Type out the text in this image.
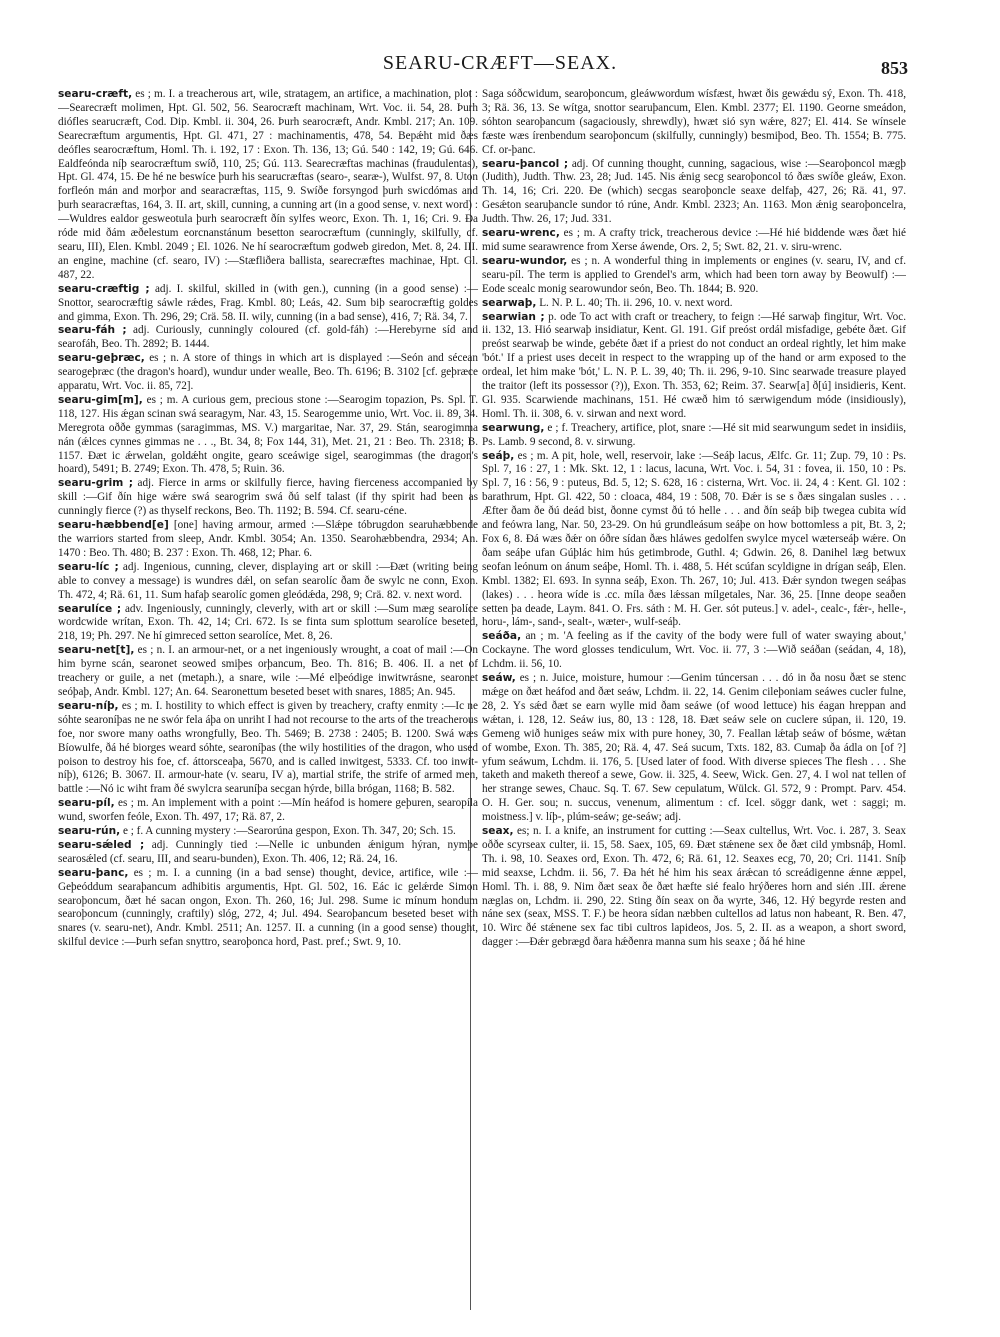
SEARU-CRÆFT—SEAX.	853

searu-cræft, es ; m. I. a treacherous art, wile, stratagem, an artifice, a machination, plot :—Searecræft molimen, Hpt. Gl. 502, 56. Searocræft machinam, Wrt. Voc. ii. 54, 28. Þurh diófles searucræft, Cod. Dip. Kmbl. ii. 304, 26. Þurh searocræft, Andr. Kmbl. 217; An. 109. Searecræftum argumentis, Hpt. Gl. 471, 27 : machinamentis, 478, 54. Bepǽht mid ðæs deófles searocræftum, Homl. Th. i. 192, 17 : Exon. Th. 136, 13; Gú. 540 : 142, 19; Gú. 646. Ealdfeónda níþ searocræftum swíð, 110, 25; Gú. 113. Searecræftas machinas (fraudulentas), Hpt. Gl. 474, 15. Ðe hé ne beswíce þurh his searucræftas (searo-, searæ-), Wulfst. 97, 8. Uton forfleón mán and morþor and searacræftas, 115, 9. Swíðe forsyngod þurh swicdómas and þurh searacræftas, 164, 3. II. art, skill, cunning, a cunning art (in a good sense, v. next word) :—Wuldres ealdor geswеotula þurh searocræft ðín sylfes weorc, Exon. Th. 1, 16; Cri. 9. Ða róde mid ðám æðelestum eorcnanstánum besetton searocræftum (cunningly, skilfully, cf. searu, III), Elen. Kmbl. 2049 ; El. 1026. Ne hí searocræftum godweb giredon, Met. 8, 24. III. an engine, machine (cf. searo, IV) :—Stæfliðera ballista, searecræftes machinae, Hpt. Gl. 487, 22.

searu-cræftig ; adj. I. skilful, skilled in (with gen.), cunning (in a good sense) :—Snottor, searocræftig sáwle rǽdes, Frag. Kmbl. 80; Leás, 42. Sum biþ searocræftig goldes and gimma, Exon. Th. 296, 29; Crä. 58. II. wily, cunning (in a bad sense), 416, 7; Rä. 34, 7.

searu-fáh ; adj. Curiously, cunningly coloured (cf. gold-fáh) :—Herebyrne síd and searofáh, Beo. Th. 2892; B. 1444.

searu-geþræc, es ; n. A store of things in which art is displayed :—Seón and sécean searogeþræc (the dragon's hoard), wundur under wealle, Beo. Th. 6196; B. 3102 [cf. geþræce apparatu, Wrt. Voc. ii. 85, 72].

searu-gim[m], es ; m. A curious gem, precious stone :—Searogim topazion, Ps. Spl. T. 118, 127. His ǽgan scinan swá searagym, Nar. 43, 15. Searogemme unio, Wrt. Voc. ii. 89, 34. Meregrota oððe gymmas (saragimmas, MS. V.) margaritae, Nar. 37, 29. Stán, searogimma nán (ǽlces cynnes gimmas ne . . ., Bt. 34, 8; Fox 144, 31), Met. 21, 21 : Beo. Th. 2318; B. 1157. Ðæt ic ǽrwelan, goldǽht ongite, gearo sceáwige sigel, searogimmas (the dragon's hoard), 5491; B. 2749; Exon. Th. 478, 5; Ruin. 36.

searu-grim ; adj. Fierce in arms or skilfully fierce, having fierceness accompanied by skill :—Gif ðín hige wǽre swá searogrim swá ðú self talast (if thy spirit had been as cunningly fierce (?) as thyself reckons, Beo. Th. 1192; B. 594. Cf. searu-céne.

searu-hæbbend[e] [one] having armour, armed :—Slǽpe tóbrugdon searuhæbbende the warriors started from sleep, Andr. Kmbl. 3054; An. 1350. Searohæbbendra, 2934; An. 1470 : Beo. Th. 480; B. 237 : Exon. Th. 468, 12; Phar. 6.

searu-líc ; adj. Ingenious, cunning, clever, displaying art or skill :—Ðæt (writing being able to convey a message) is wundres dǽl, on sefan searolíc ðam ðe swylc ne conn, Exon. Th. 472, 4; Rä. 61, 11. Sum hafaþ searolíc gomen gleódǽda, 298, 9; Crä. 82. v. next word.

searulíce ; adv. Ingeniously, cunningly, cleverly, with art or skill :—Sum mæg searolíce wordcwide wrítan, Exon. Th. 42, 14; Cri. 672. Is se finta sum splottum searolíce beseted, 218, 19; Ph. 297. Ne hí gimreced setton searolíce, Met. 8, 26.

searu-net[t], es ; n. I. an armour-net, or a net ingeniously wrought, a coat of mail :—On him byrne scán, searonet seowed smiþes orþancum, Beo. Th. 816; B. 406. II. a net of treachery or guile, a net (metaph.), a snare, wile :—Mé elþeódige inwitwrásne, searonet seóþaþ, Andr. Kmbl. 127; An. 64. Searonettum beseted beset with snares, 1885; An. 945.

searu-níþ, es ; m. I. hostility to which effect is given by treachery, crafty enmity :—Ic ne sóhte searoníþas ne ne swór fela áþa on unriht I had not recourse to the arts of the treacherous foe, nor swore many oaths wrongfully, Beo. Th. 5469; B. 2738 : 2405; B. 1200. Swá wæs Bíowulfe, ðá hé biorges weard sóhte, searoníþas (the wily hostilities of the dragon, who used poison to destroy his foe, cf. áttorsceaþa, 5670, and is called inwitgest, 5333. Cf. too inwit-níþ), 6126; B. 3067. II. armour-hate (v. searu, IV a), martial strife, the strife of armed men, battle :—Nó ic wiht fram ðé swylcra searuníþa secgan hýrde, billa brógan, 1168; B. 582.

searu-píl, es ; m. An implement with a point :—Mín heáfod is homere geþuren, searopíla wund, sworfen feóle, Exon. Th. 497, 17; Rä. 87, 2.

searu-rún, e ; f. A cunning mystery :—Searorúna gespon, Exon. Th. 347, 20; Sch. 15.

searu-sǽled ; adj. Cunningly tied :—Nelle ic unbunden ǽnigum hýran, nymþe searosǽled (cf. searu, III, and searu-bunden), Exon. Th. 406, 12; Rä. 24, 16.

searu-þanc, es ; m. I. a cunning (in a bad sense) thought, device, artifice, wile :—Geþeóddum searaþancum adhibitis argumentis, Hpt. Gl. 502, 16. Eác ic gelǽrde Simon searoþoncum, ðæt hé sacan ongon, Exon. Th. 260, 16; Jul. 298. Sume ic mínum hondum searoþoncum (cunningly, craftily) slóg, 272, 4; Jul. 494. Searoþancum beseted beset with snares (v. searu-net), Andr. Kmbl. 2511; An. 1257. II. a cunning (in a good sense) thought, skilful device :—Þurh sefan snyttro, searoþonca hord, Past. pref.; Swt. 9, 10.

Saga sóðcwidum, searoþoncum, gleáwwordum wísfæst, hwæt ðis gewǽdu sý, Exon. Th. 418, 3; Rä. 36, 13. Se wítga, snottor searuþancum, Elen. Kmbl. 2377; El. 1190. Georne smeádon, sóhton searoþancum (sagaciously, shrewdly), hwæt sió syn wǽre, 827; El. 414. Se wínsele fæste wæs írenbendum searoþoncum (skilfully, cunningly) besmiþod, Beo. Th. 1554; B. 775. Cf. or-þanc.

searu-þancol ; adj. Of cunning thought, cunning, sagacious, wise :—Searoþoncol mægþ (Judith), Judth. Thw. 23, 28; Jud. 145. Nis ǽnig secg searoþoncol tó ðæs swíðe gleáw, Exon. Th. 14, 16; Cri. 220. Ðe (which) secgas searoþoncle seaxe delfaþ, 427, 26; Rä. 41, 97. Gesǽton searuþancle sundor tó rúne, Andr. Kmbl. 2323; An. 1163. Mon ǽnig searoþoncelra, Judth. Thw. 26, 17; Jud. 331.

searu-wrenc, es ; m. A crafty trick, treacherous device :—Hé hié biddende wæs ðæt hié mid sume searawrence from Xerse áwende, Ors. 2, 5; Swt. 82, 21. v. siru-wrenc.

searu-wundor, es ; n. A wonderful thing in implements or engines (v. searu, IV, and cf. searu-píl. The term is applied to Grendel's arm, which had been torn away by Beowulf) :—Eode scealc monig searowundor seón, Beo. Th. 1844; B. 920.

searwaþ, L. N. P. L. 40; Th. ii. 296, 10. v. next word.

searwian ; p. ode To act with craft or treachery, to feign :—Hé sarwaþ fingitur, Wrt. Voc. ii. 132, 13. Hió searwaþ insidiatur, Kent. Gl. 191. Gif preóst ordál misfadige, gebéte ðæt. Gif preóst searwaþ be winde, gebéte ðæt if a priest do not conduct an ordeal rightly, let him make 'bót.' If a priest uses deceit in respect to the wrapping up of the hand or arm exposed to the ordeal, let him make 'bót,' L. N. P. L. 39, 40; Th. ii. 296, 9-10. Sinc searwade treasure played the traitor (left its possessor (?)), Exon. Th. 353, 62; Reim. 37. Searw[a] ð[ú] insidieris, Kent. Gl. 935. Scarwiende machinans, 151. Hé cwæð him tó særwigendum móde (insidiously), Homl. Th. ii. 308, 6. v. sirwan and next word.

searwung, e ; f. Treachery, artifice, plot, snare :—Hé sit mid searwungum sedet in insidiis, Ps. Lamb. 9 second, 8. v. sirwung.

seáþ, es ; m. A pit, hole, well, reservoir, lake :—Seáþ lacus, Ælfc. Gr. 11; Zup. 79, 10 : Ps. Spl. 7, 16 : 27, 1 : Mk. Skt. 12, 1 : lacus, lacuna, Wrt. Voc. i. 54, 31 : fovea, ii. 150, 10 : Ps. Spl. 7, 16 : 56, 9 : puteus, Bd. 5, 12; S. 628, 16 : cisterna, Wrt. Voc. ii. 24, 4 : Kent. Gl. 102 : barathrum, Hpt. Gl. 422, 50 : cloaca, 484, 19 : 508, 70. Ðǽr is se s ðæs singalan susles . . . Æfter ðam ðe ðú deád bist, ðonne cymst ðú tó helle . . . and ðín seáþ biþ twegea cubita wíd and feówra lang, Nar. 50, 23-29. On hú grundleásum seáþe on how bottomless a pit, Bt. 3, 2; Fox 6, 8. Ðá wæs ðǽr on óðre sídan ðæs hláwes gedolfen swylce mycel wæterseáþ wǽre. On ðam seáþe ufan Gúþlác him hús getimbrode, Guthl. 4; Gdwin. 26, 8. Danihel læg betwux seofan leónum on ánum seáþe, Homl. Th. i. 488, 5. Hét scúfan scyldigne in drígan seáþ, Elen. Kmbl. 1382; El. 693. In synna seáþ, Exon. Th. 267, 10; Jul. 413. Ðǽr syndon twegen seáþas (lakes) . . . heora wíde is .cc. míla ðæs lǽssan mílgetales, Nar. 36, 25. [Inne deope seaðen setten þa deade, Laym. 841. O. Frs. sáth : M. H. Ger. sót puteus.] v. adel-, cealc-, fǽr-, helle-, horu-, lám-, sand-, sealt-, wæter-, wulf-seáþ.

seáða, an ; m. 'A feeling as if the cavity of the body were full of water swaying about,' Cockayne. The word glosses tendiculum, Wrt. Voc. ii. 77, 3 :—Wið seáðan (seádan, 4, 18), Lchdm. ii. 56, 10.

seáw, es ; n. Juice, moisture, humour :—Genim túncersan . . . dó in ða nosu ðæt se stenc mǽge on ðæt heáfod and ðæt seáw, Lchdm. ii. 22, 14. Genim cileþoniam seáwes cucler fulne, 28, 2. Ys sǽd ðæt se earn wylle mid ðam seáwe (of wood lettuce) his éagan hreppan and wǽtan, i. 128, 12. Seáw ius, 80, 13 : 128, 18. Ðæt seáw sele on cuclere súpan, ii. 120, 19. Gemeng wið huniges seáw mix with pure honey, 30, 7. Feallan lǽtaþ seáw of bósme, wǽtan of wombe, Exon. Th. 385, 20; Rä. 4, 47. Seá sucum, Txts. 182, 83. Cumaþ ða ádla on [of ?] yfum seáwum, Lchdm. ii. 176, 5. [Used later of food. With diverse spieces The flesh . . . She taketh and maketh thereof a sewe, Gow. ii. 325, 4. Seew, Wick. Gen. 27, 4. I wol nat tellen of her strange sewes, Chauc. Sq. T. 67. Sew cepulatum, Wülck. Gl. 572, 9 : Prompt. Parv. 454. O. H. Ger. sou; n. succus, venenum, alimentum : cf. Icel. söggr dank, wet : saggi; m. moistness.] v. líþ-, plúm-seáw; ge-seáw; adj.

seax, es; n. I. a knife, an instrument for cutting :—Seax cultellus, Wrt. Voc. i. 287, 3. Seax oððe scyrseax culter, ii. 15, 58. Saex, 105, 69. Ðæt stǽnene sex ðe ðæt cild ymbsnáþ, Homl. Th. i. 98, 10. Seaxes ord, Exon. Th. 472, 6; Rä. 61, 12. Seaxes ecg, 70, 20; Cri. 1141. Sníþ mid seaxse, Lchdm. ii. 56, 7. Ða hét hé him his seax árǽcan tó screádigenne ǽnne æppel, Homl. Th. i. 88, 9. Nim ðæt seax ðe ðæt hæfte sié fealo hrýðeres horn and sién .III. ǽrene næglas on, Lchdm. ii. 290, 22. Sting ðín seax on ða wyrte, 346, 12. Hý begyrde resten and náne sex (seax, MSS. T. F.) be heora sídan næbben cultellos ad latus non habeant, R. Ben. 47, 10. Wirc ðé stǽnene sex fac tibi cultros lapideos, Jos. 5, 2. II. as a weapon, a short sword, dagger :—Ðǽr gebrægd ðara hǽðenra manna sum his seaxe ; ðá hé hine
